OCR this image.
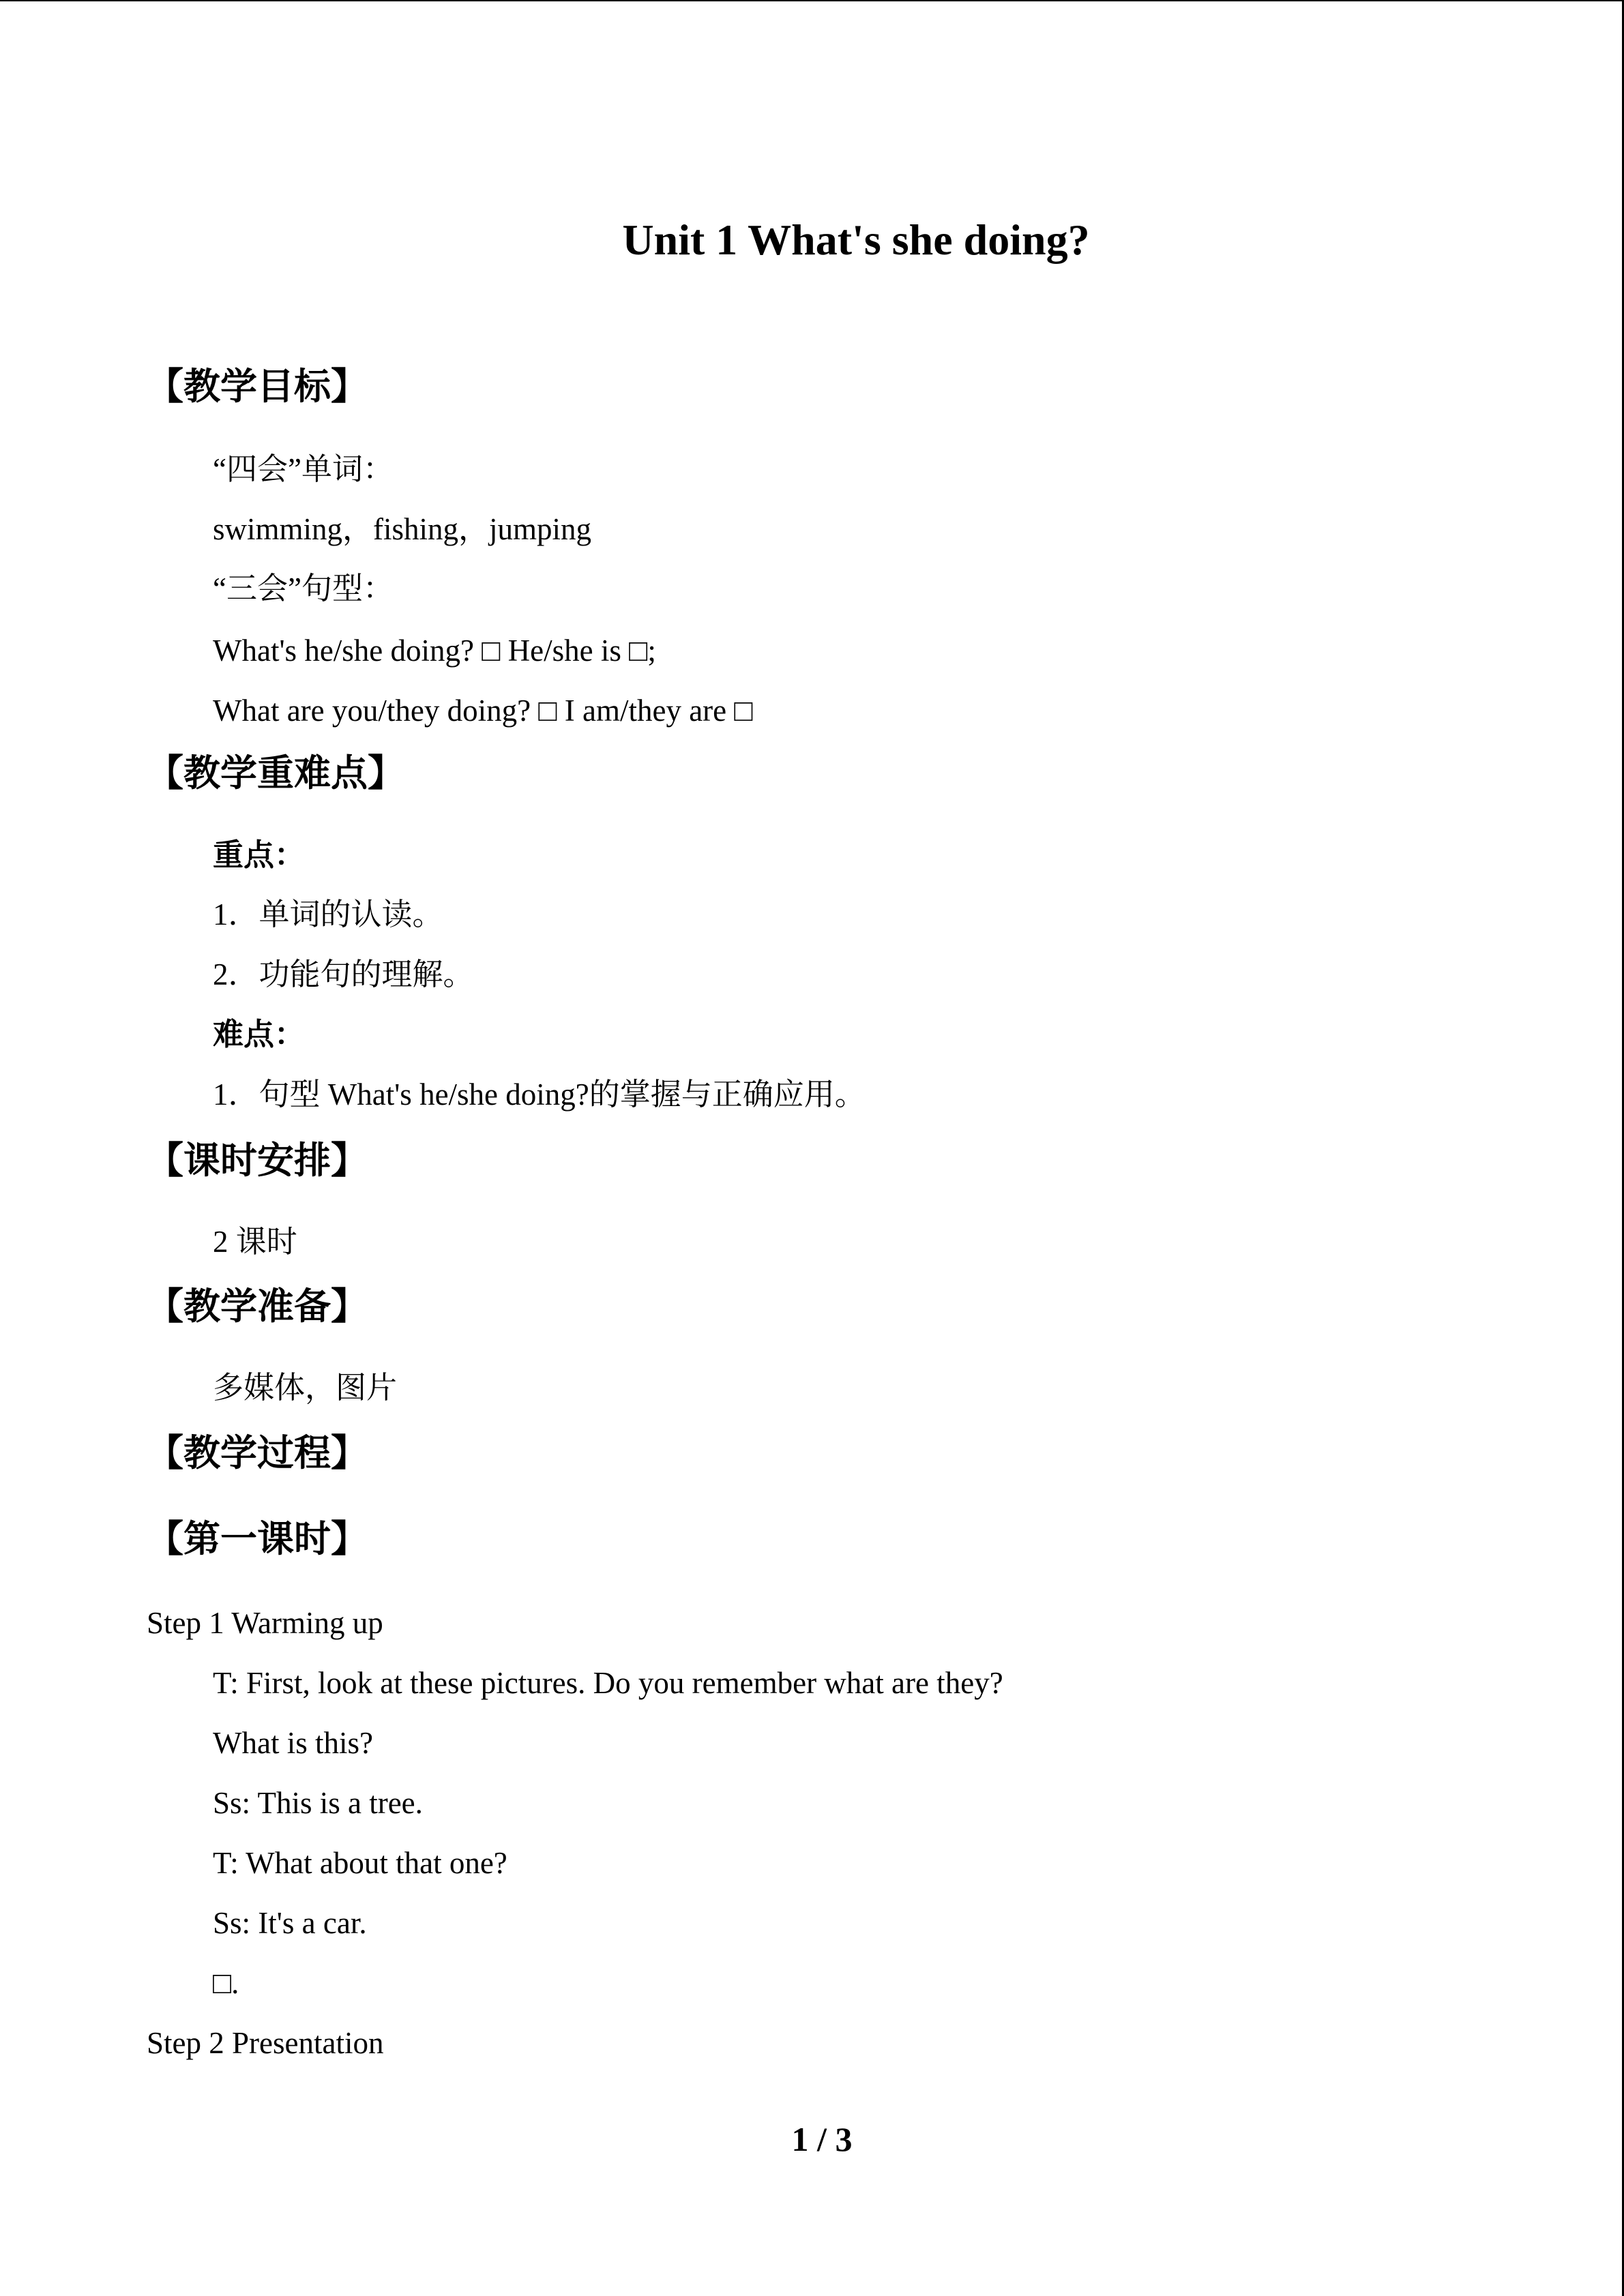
Unit 1 What's she doing?
【教学目标】
“四会”单词：
swimming，fishing，jumping
“三会”句型：
What's he/she doing? □ He/she is □;
What are you/they doing? □ I am/they are □
【教学重难点】
重点：
1．单词的认读。
2．功能句的理解。
难点：
1．句型 What's he/she doing?的掌握与正确应用。
【课时安排】
2 课时
【教学准备】
多媒体，图片
【教学过程】
【第一课时】
Step 1 Warming up
T: First, look at these pictures. Do you remember what are they?
What is this?
Ss: This is a tree.
T: What about that one?
Ss: It's a car.
□.
Step 2 Presentation
1 / 3
